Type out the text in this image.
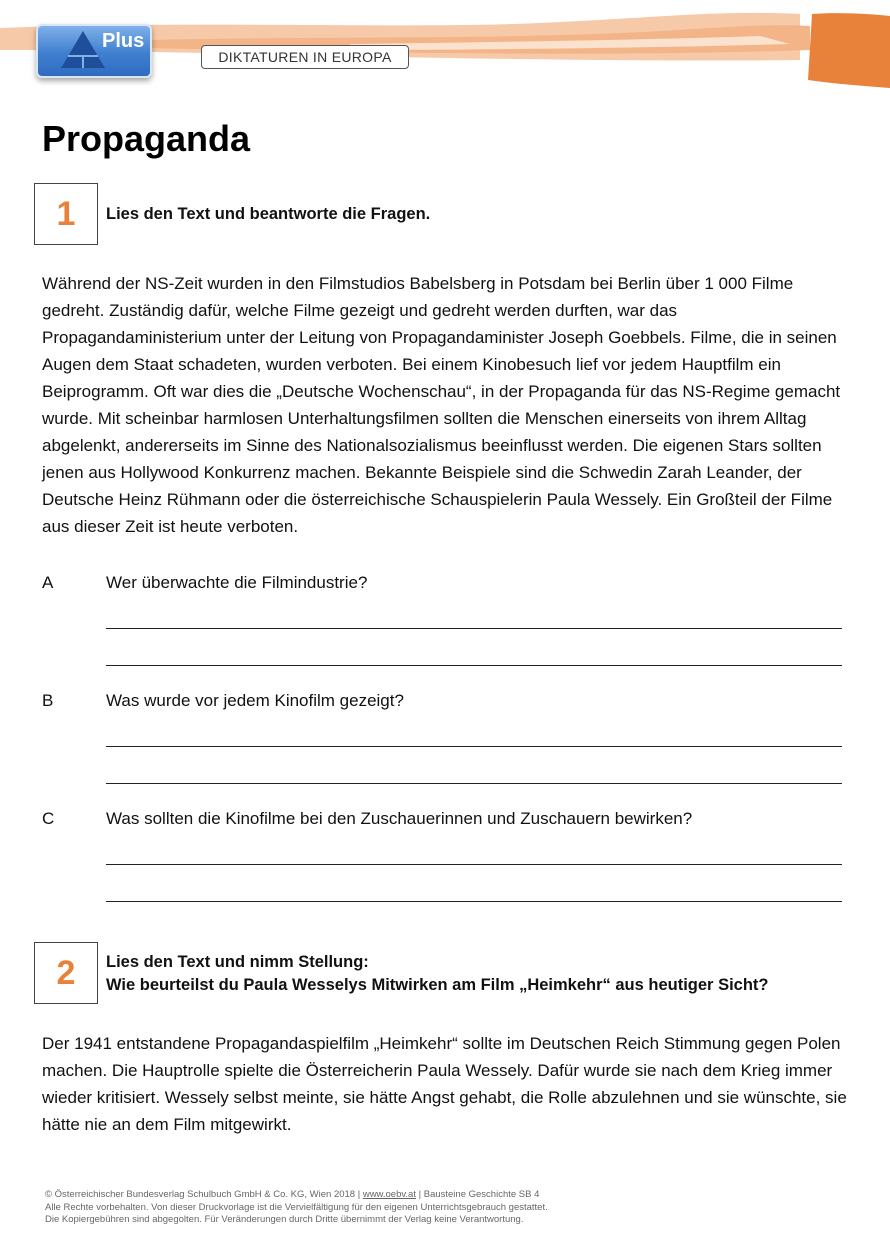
Plus
DIKTATUREN IN EUROPA
Propaganda
1	Lies den Text und beantworte die Fragen.

Während der NS-Zeit wurden in den Filmstudios Babelsberg in Potsdam bei Berlin über 1 000 Filme gedreht. Zuständig dafür, welche Filme gezeigt und gedreht werden durften, war das Propagandaministerium unter der Leitung von Propagandaminister Joseph Goebbels. Filme, die in seinen Augen dem Staat schadeten, wurden verboten. Bei einem Kinobesuch lief vor jedem Hauptfilm ein Beiprogramm. Oft war dies die „Deutsche Wochenschau“, in der Propaganda für das NS-Regime gemacht wurde. Mit scheinbar harmlosen Unterhaltungsfilmen sollten die Menschen einerseits von ihrem Alltag abgelenkt, andererseits im Sinne des Nationalsozialismus beeinflusst werden. Die eigenen Stars sollten jenen aus Hollywood Konkurrenz machen. Bekannte Beispiele sind die Schwedin Zarah Leander, der Deutsche Heinz Rühmann oder die österreichische Schauspielerin Paula Wessely. Ein Großteil der Filme aus dieser Zeit ist heute verboten.

A	Wer überwachte die Filmindustrie?
B	Was wurde vor jedem Kinofilm gezeigt?
C	Was sollten die Kinofilme bei den Zuschauerinnen und Zuschauern bewirken?
2	Lies den Text und nimm Stellung:

Wie beurteilst du Paula Wesselys Mitwirken am Film „Heimkehr“ aus heutiger Sicht?

Der 1941 entstandene Propagandaspielfilm „Heimkehr“ sollte im Deutschen Reich Stimmung gegen Polen machen. Die Hauptrolle spielte die Österreicherin Paula Wessely. Dafür wurde sie nach dem Krieg immer wieder kritisiert. Wessely selbst meinte, sie hätte Angst gehabt, die Rolle abzulehnen und sie wünschte, sie hätte nie an dem Film mitgewirkt.

© Österreichischer Bundesverlag Schulbuch GmbH & Co. KG, Wien 2018 | www.oebv.at | Bausteine Geschichte SB 4
Alle Rechte vorbehalten. Von dieser Druckvorlage ist die Vervielfältigung für den eigenen Unterrichtsgebrauch gestattet.
Die Kopiergebühren sind abgegolten. Für Veränderungen durch Dritte übernimmt der Verlag keine Verantwortung.
